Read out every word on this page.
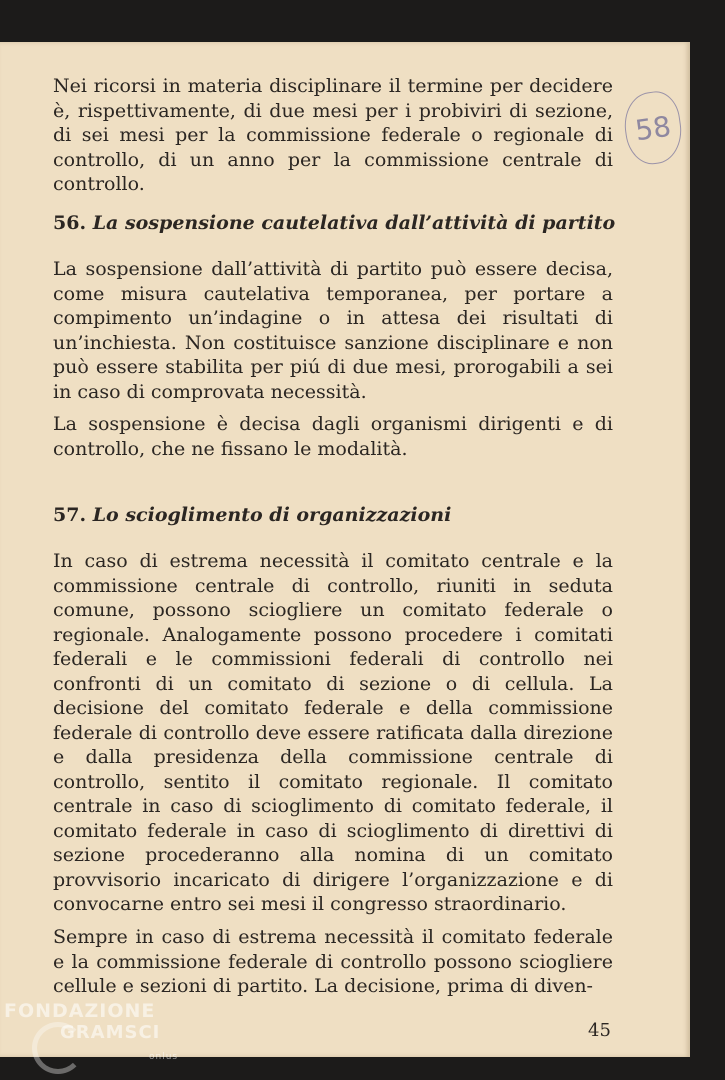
58

Nei ricorsi in materia disciplinare il termine per decidere è, rispettivamente, di due mesi per i probiviri di sezione, di sei mesi per la commissione federale o regionale di controllo, di un anno per la commissione centrale di controllo.

56. La sospensione cautelativa dall’attività di partito

La sospensione dall’attività di partito può essere decisa, come misura cautelativa temporanea, per portare a compimento un’indagine o in attesa dei risultati di un’inchiesta. Non costituisce sanzione disciplinare e non può essere stabilita per piú di due mesi, prorogabili a sei in caso di comprovata necessità.

La sospensione è decisa dagli organismi dirigenti e di controllo, che ne fissano le modalità.

57. Lo scioglimento di organizzazioni

In caso di estrema necessità il comitato centrale e la commissione centrale di controllo, riuniti in seduta comune, possono sciogliere un comitato federale o regionale. Analogamente possono procedere i comitati federali e le commissioni federali di controllo nei confronti di un comitato di sezione o di cellula. La decisione del comitato federale e della commissione federale di controllo deve essere ratificata dalla direzione e dalla presidenza della commissione centrale di controllo, sentito il comitato regionale. Il comitato centrale in caso di scioglimento di comitato federale, il comitato federale in caso di scioglimento di direttivi di sezione procederanno alla nomina di un comitato provvisorio incaricato di dirigere l’organizzazione e di convocarne entro sei mesi il congresso straordinario.

Sempre in caso di estrema necessità il comitato federale e la commissione federale di controllo possono sciogliere cellule e sezioni di partito. La decisione, prima di diven-

45
FONDAZIONE
GRAMSCI
onlus
